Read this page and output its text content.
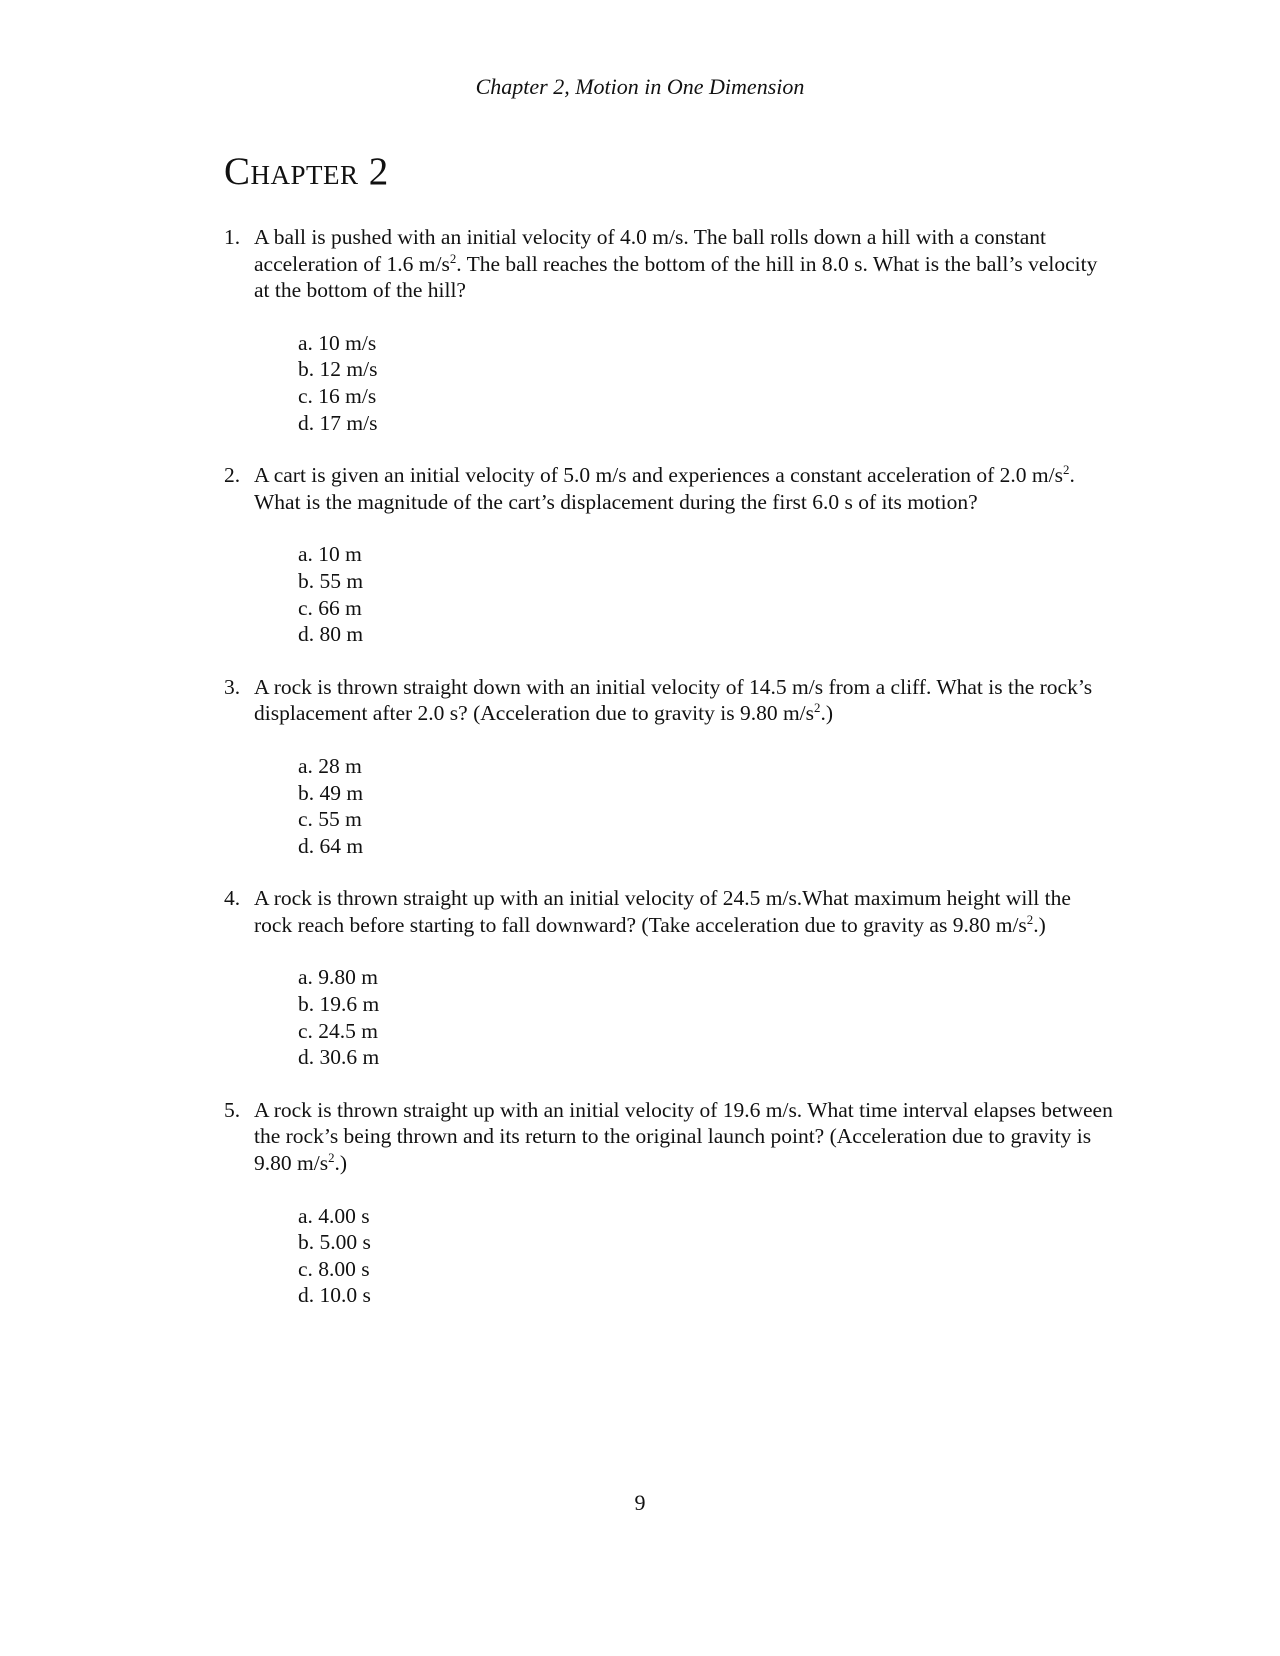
Chapter 2, Motion in One Dimension
Chapter 2
1. A ball is pushed with an initial velocity of 4.0 m/s. The ball rolls down a hill with a constant acceleration of 1.6 $m/s^2$. The ball reaches the bottom of the hill in 8.0 s. What is the ball’s velocity at the bottom of the hill?
a. 10 m/s
b. 12 m/s
c. 16 m/s
d. 17 m/s
2. A cart is given an initial velocity of 5.0 m/s and experiences a constant acceleration of 2.0 $m/s^2$. What is the magnitude of the cart’s displacement during the first 6.0 s of its motion?
a. 10 m
b. 55 m
c. 66 m
d. 80 m
3. A rock is thrown straight down with an initial velocity of 14.5 m/s from a cliff. What is the rock’s displacement after 2.0 s? (Acceleration due to gravity is 9.80 $m/s^2$.)
a. 28 m
b. 49 m
c. 55 m
d. 64 m
4. A rock is thrown straight up with an initial velocity of 24.5 m/s.What maximum height will the rock reach before starting to fall downward? (Take acceleration due to gravity as 9.80 $m/s^2$.)
a. 9.80 m
b. 19.6 m
c. 24.5 m
d. 30.6 m
5. A rock is thrown straight up with an initial velocity of 19.6 m/s. What time interval elapses between the rock’s being thrown and its return to the original launch point? (Acceleration due to gravity is 9.80 $m/s^2$.)
a. 4.00 s
b. 5.00 s
c. 8.00 s
d. 10.0 s
9
